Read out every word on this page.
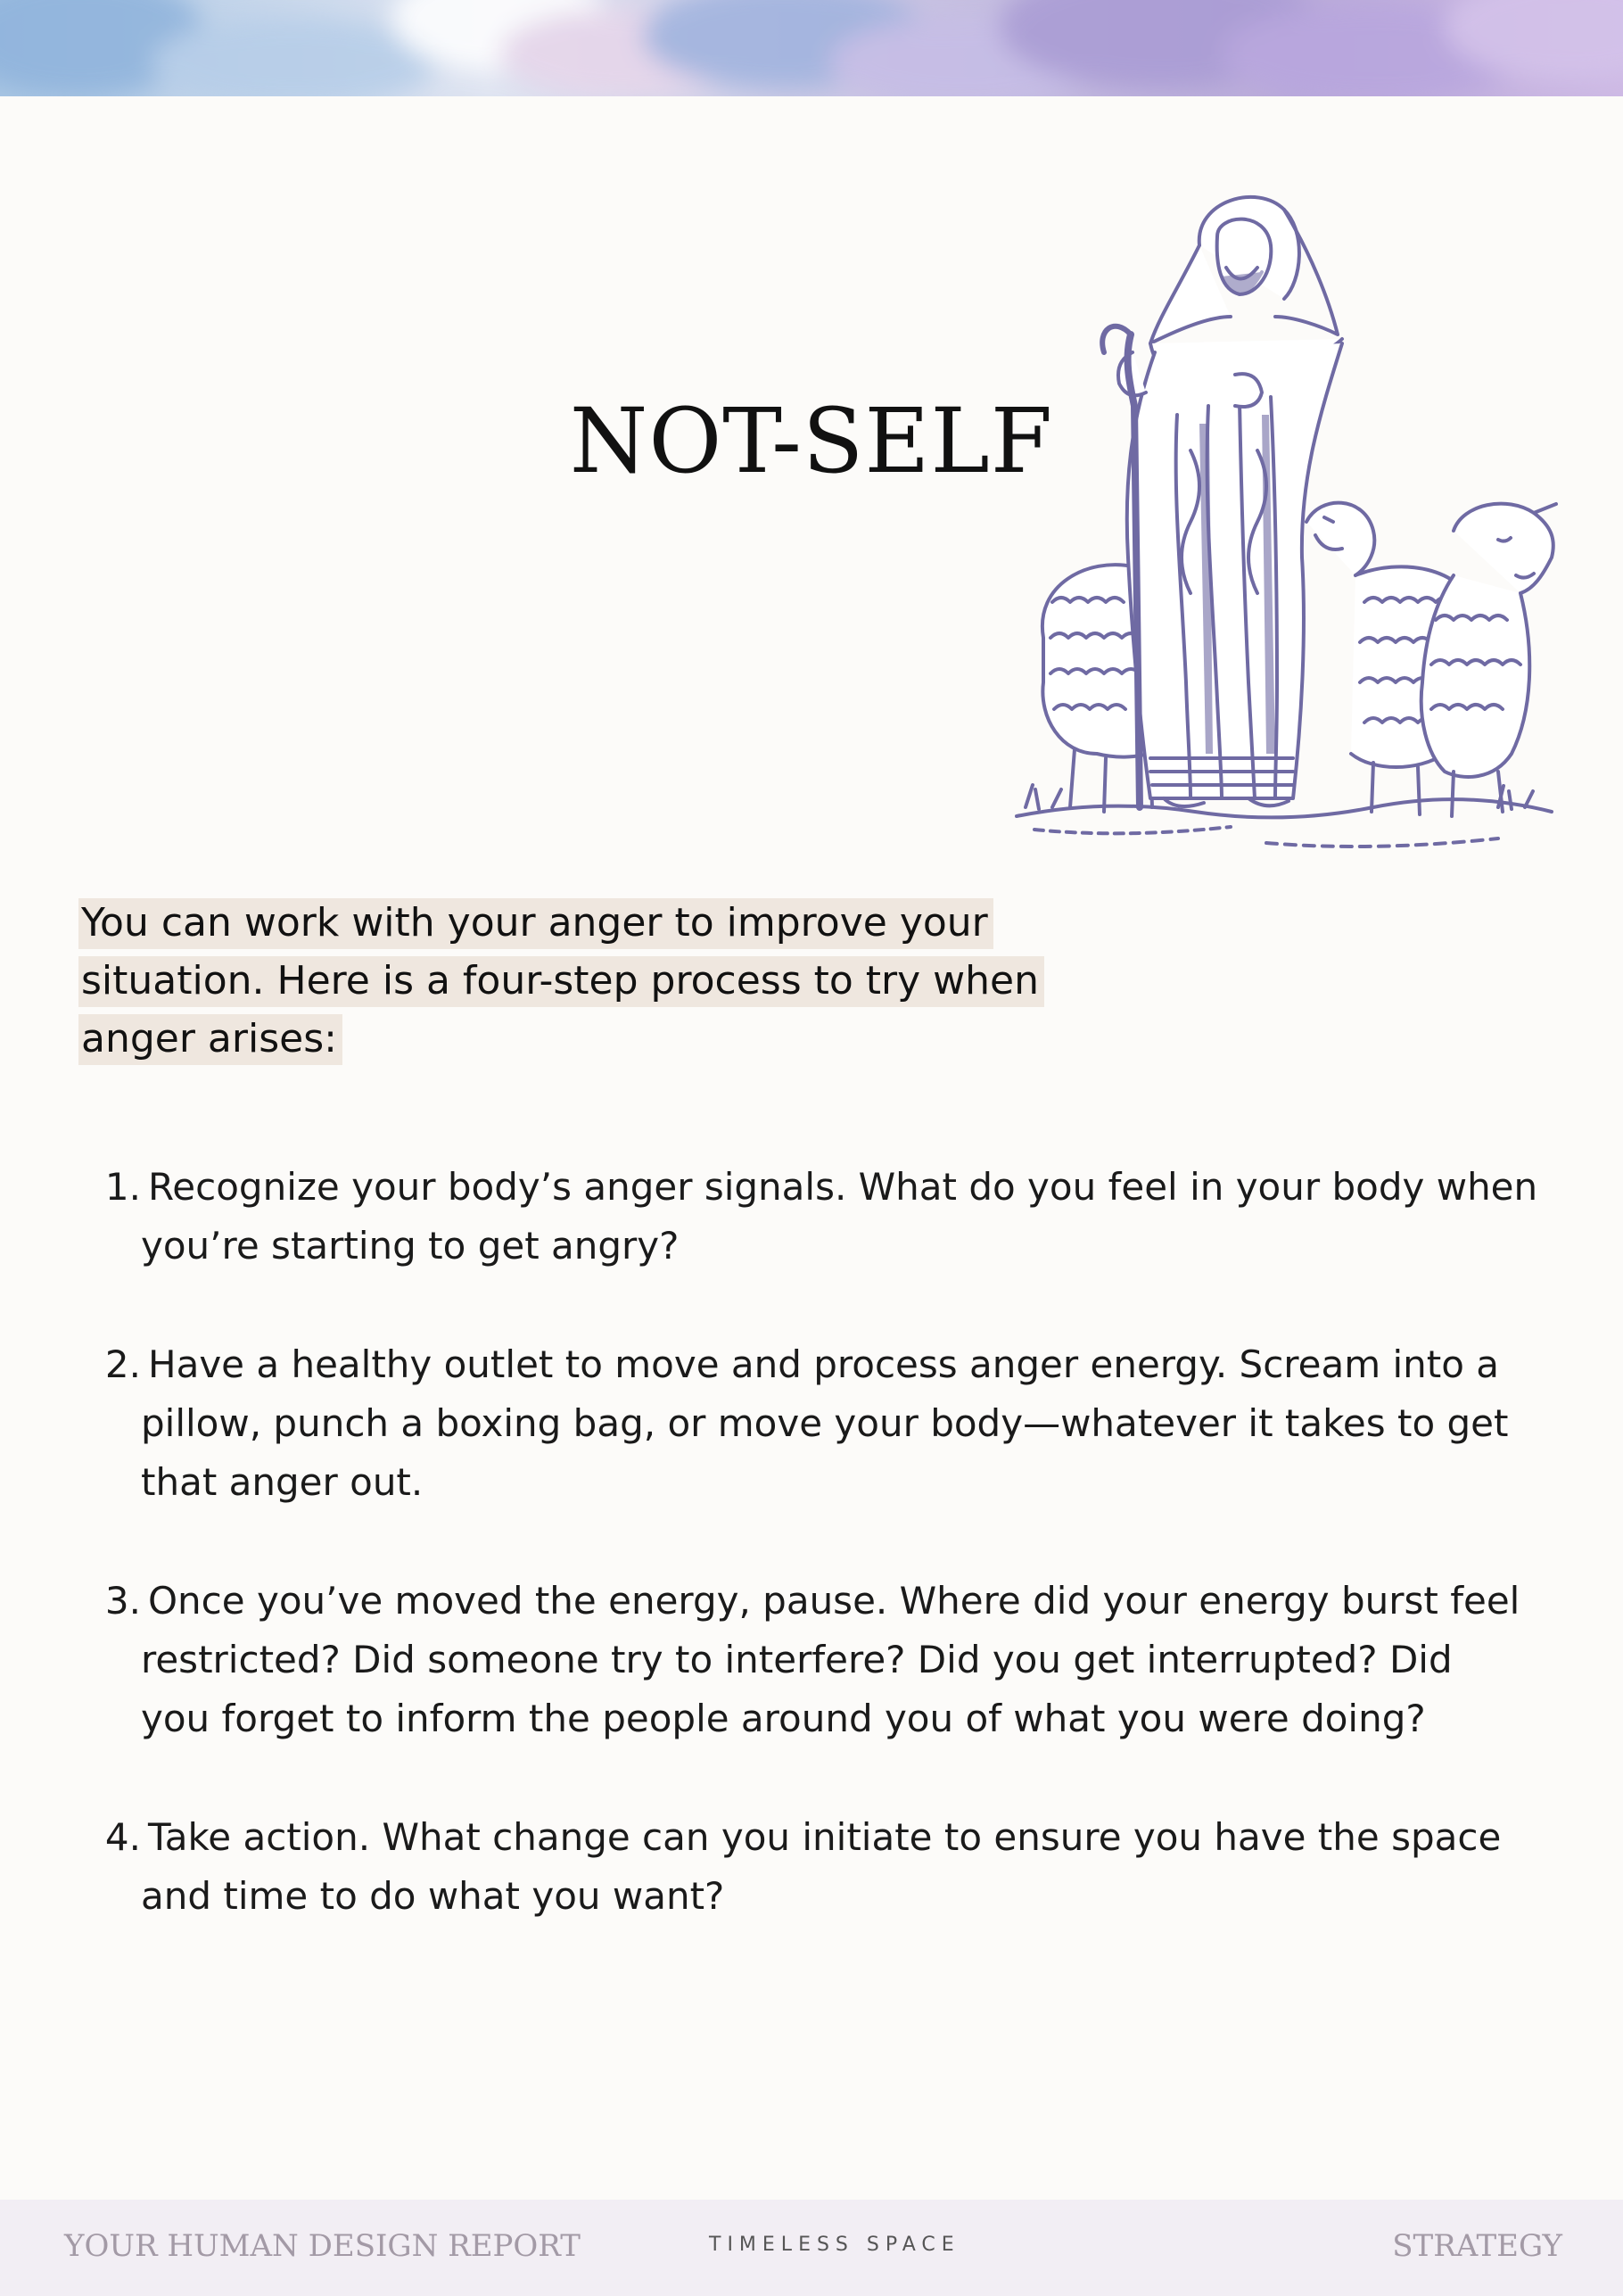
NOT-SELF
You can work with your anger to improve your
situation. Here is a four-step process to try when
anger arises:
1. Recognize your body’s anger signals. What do you feel in your body when
you’re starting to get angry?
2. Have a healthy outlet to move and process anger energy. Scream into a
pillow, punch a boxing bag, or move your body—whatever it takes to get
that anger out.
3. Once you’ve moved the energy, pause. Where did your energy burst feel
restricted? Did someone try to interfere? Did you get interrupted? Did
you forget to inform the people around you of what you were doing?
4. Take action. What change can you initiate to ensure you have the space
and time to do what you want?
YOUR HUMAN DESIGN REPORT	TIMELESS SPACE	STRATEGY
